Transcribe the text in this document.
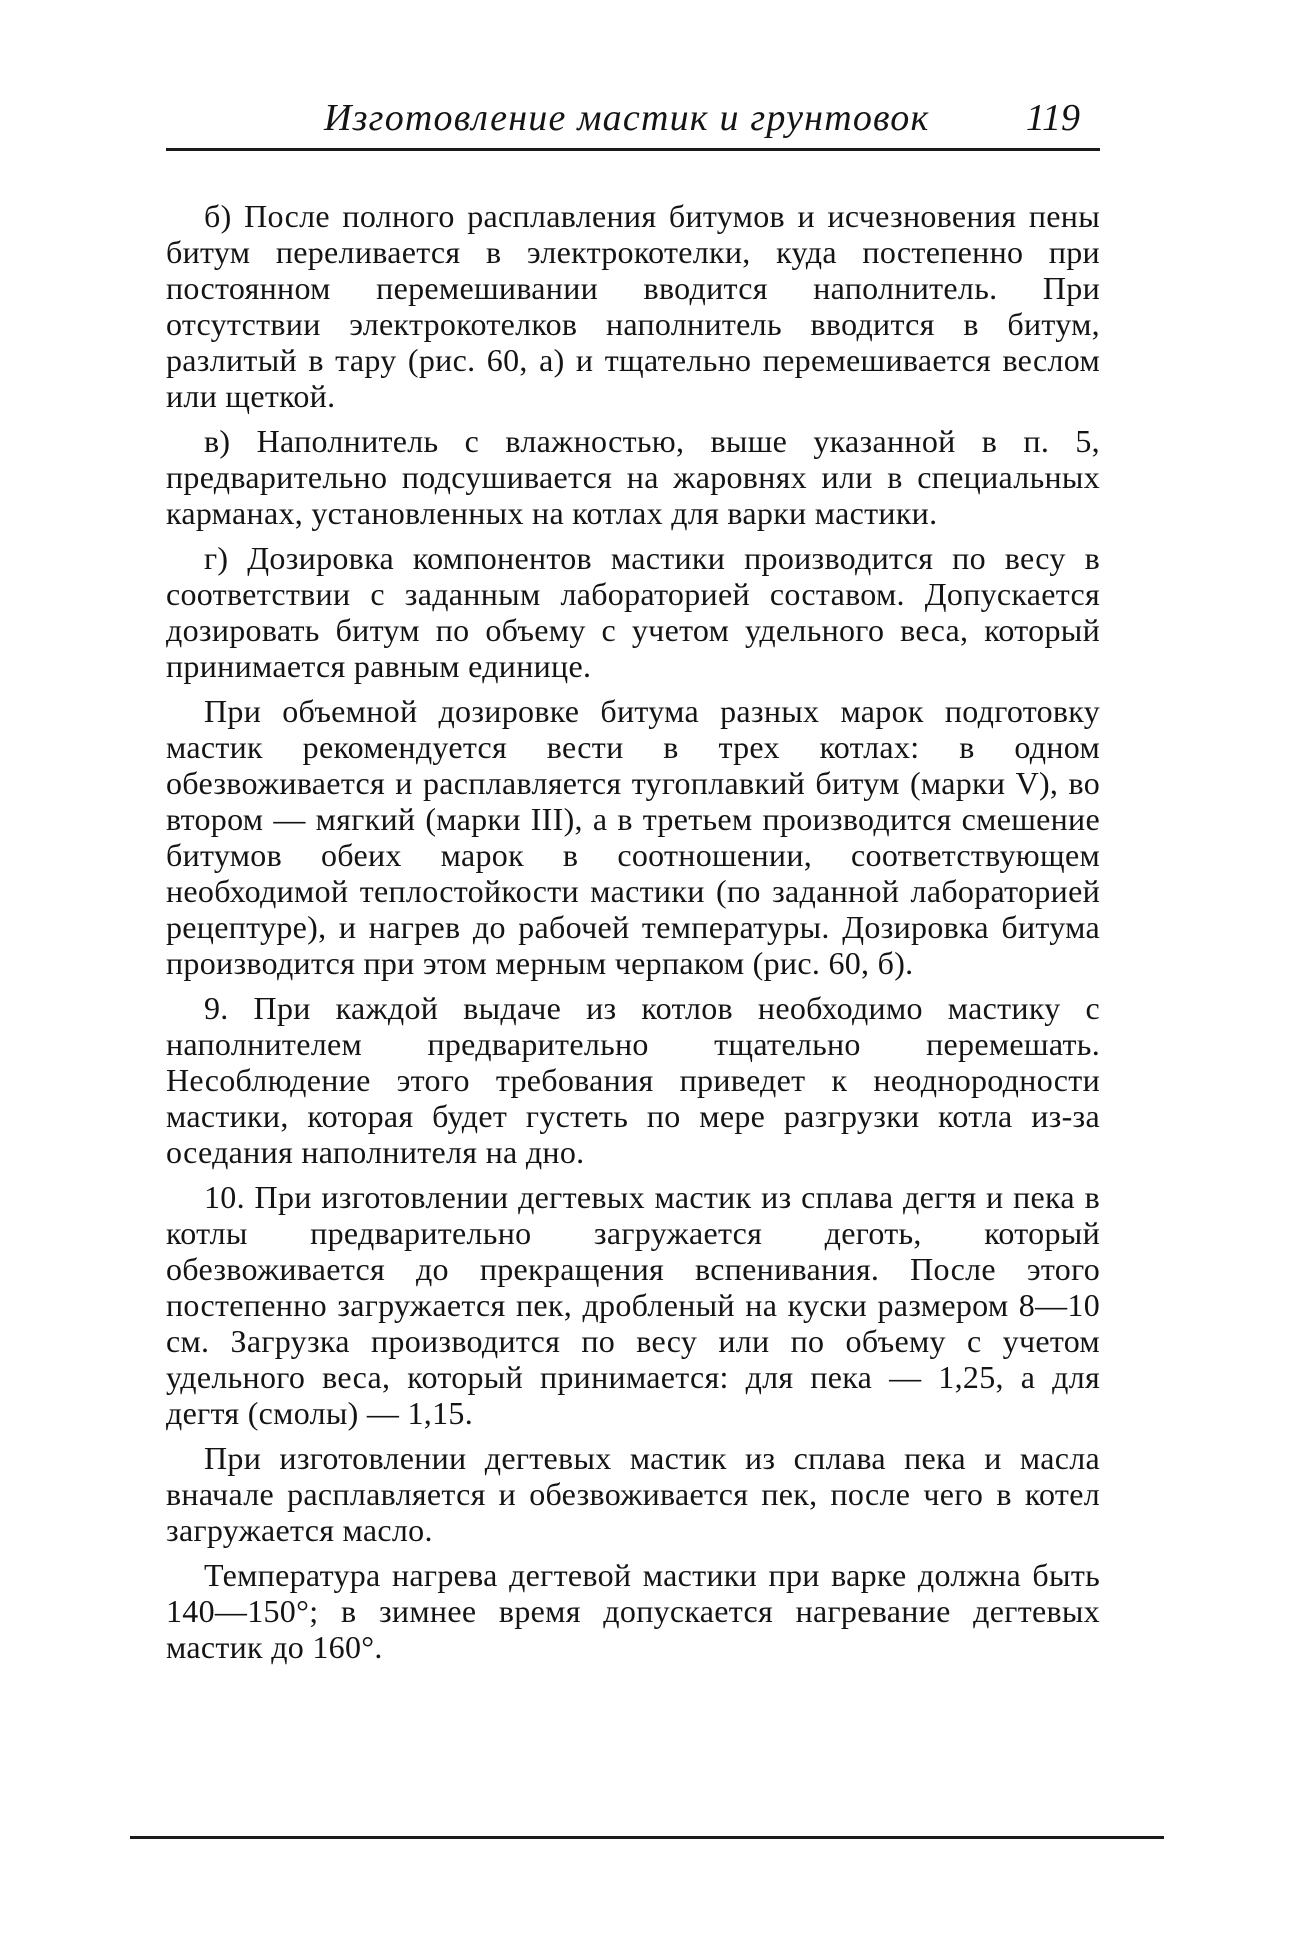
Изготовление мастик и грунтовок	119

б) После полного расплавления битумов и исчезновения пены битум переливается в электрокотелки, куда постепенно при постоянном перемешивании вводится наполнитель. При отсутствии электрокотелков наполнитель вводится в битум, разлитый в тару (рис. 60, а) и тщательно перемешивается веслом или щеткой.

в) Наполнитель с влажностью, выше указанной в п. 5, предварительно подсушивается на жаровнях или в специальных карманах, установленных на котлах для варки мастики.

г) Дозировка компонентов мастики производится по весу в соответствии с заданным лабораторией составом. Допускается дозировать битум по объему с учетом удельного веса, который принимается равным единице.

При объемной дозировке битума разных марок подготовку мастик рекомендуется вести в трех котлах: в одном обезвоживается и расплавляется тугоплавкий битум (марки V), во втором — мягкий (марки III), а в третьем производится смешение битумов обеих марок в соотношении, соответствующем необходимой теплостойкости мастики (по заданной лабораторией рецептуре), и нагрев до рабочей температуры. Дозировка битума производится при этом мерным черпаком (рис. 60, б).

9. При каждой выдаче из котлов необходимо мастику с наполнителем предварительно тщательно перемешать. Несоблюдение этого требования приведет к неоднородности мастики, которая будет густеть по мере разгрузки котла из-за оседания наполнителя на дно.

10. При изготовлении дегтевых мастик из сплава дегтя и пека в котлы предварительно загружается деготь, который обезвоживается до прекращения вспенивания. После этого постепенно загружается пек, дробленый на куски размером 8—10 см. Загрузка производится по весу или по объему с учетом удельного веса, который принимается: для пека — 1,25, а для дегтя (смолы) — 1,15.

При изготовлении дегтевых мастик из сплава пека и масла вначале расплавляется и обезвоживается пек, после чего в котел загружается масло.

Температура нагрева дегтевой мастики при варке должна быть 140—150°; в зимнее время допускается нагревание дегтевых мастик до 160°.
